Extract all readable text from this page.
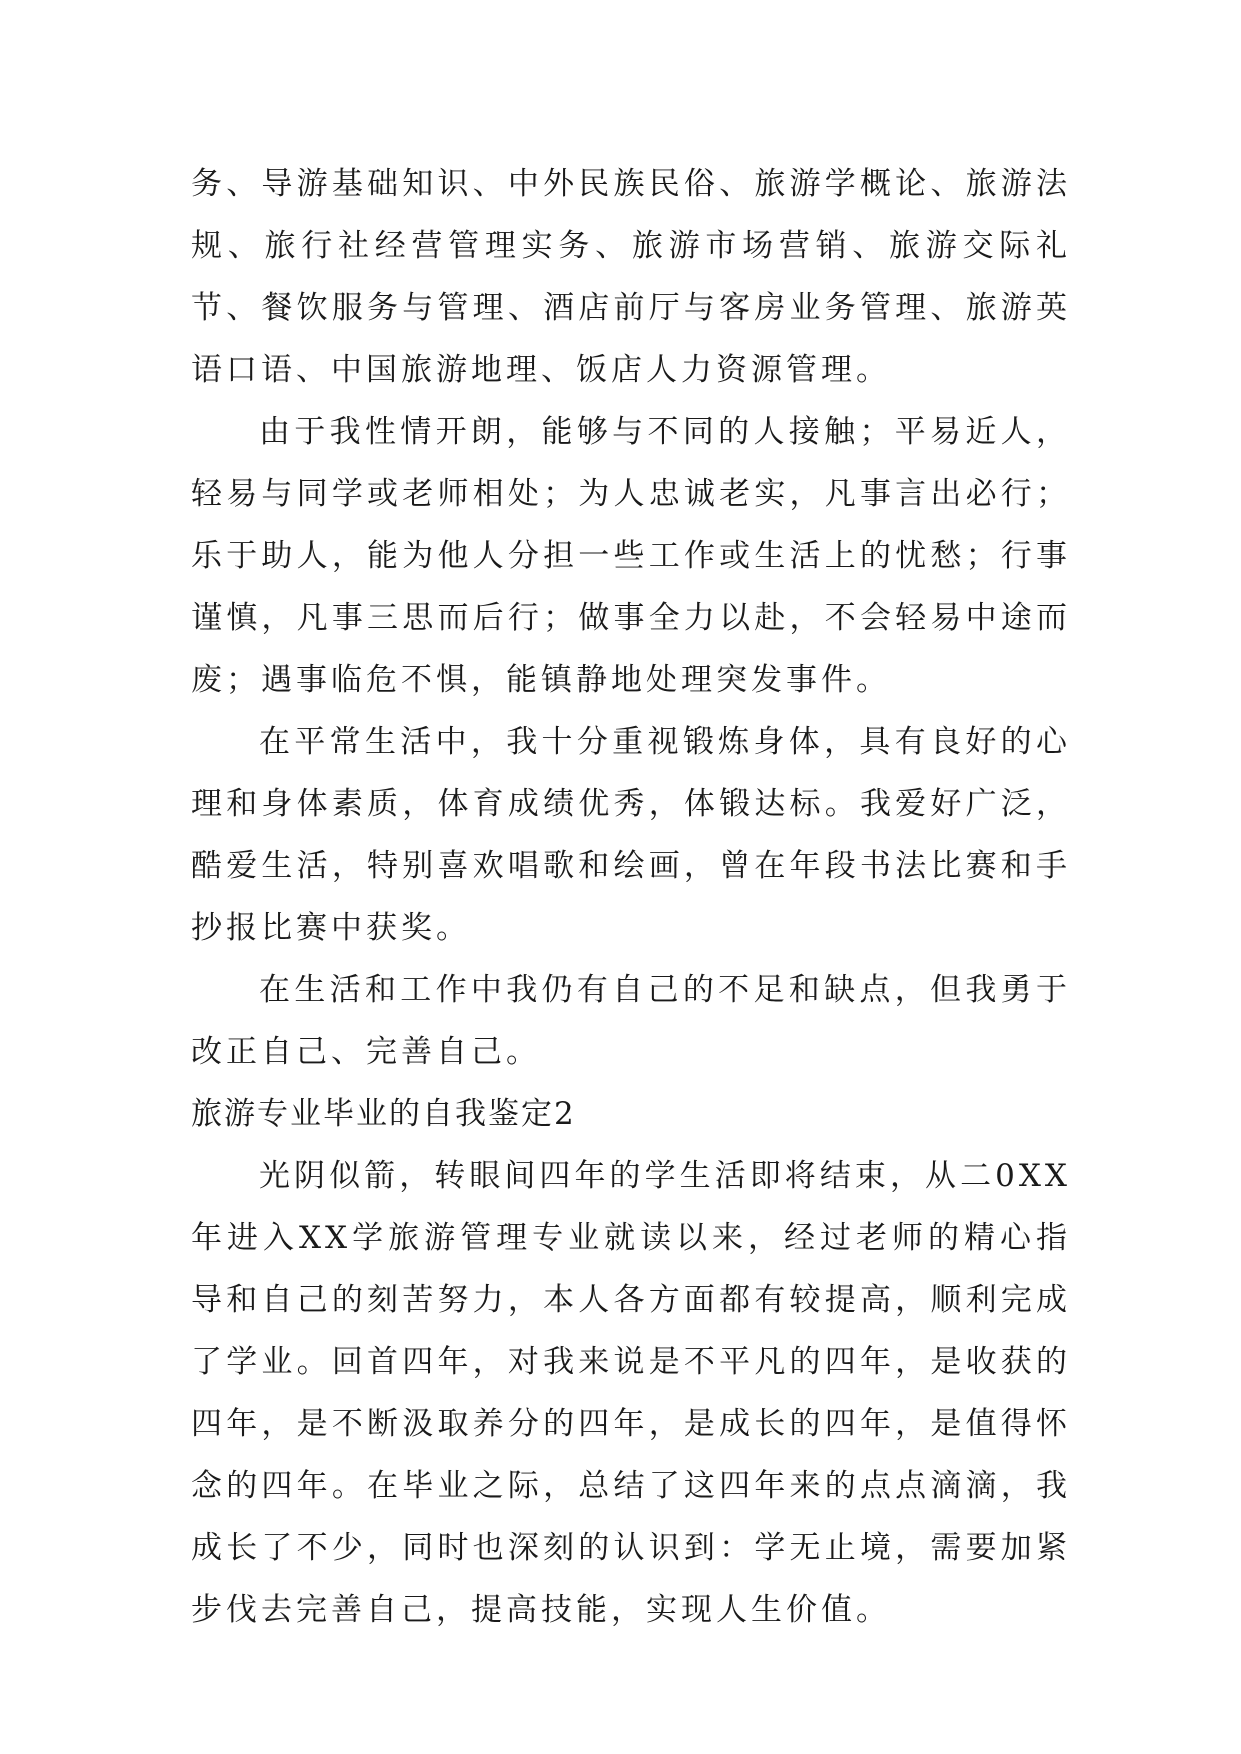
务、导游基础知识、中外民族民俗、旅游学概论、旅游法规、旅行社经营管理实务、旅游市场营销、旅游交际礼节、餐饮服务与管理、酒店前厅与客房业务管理、旅游英语口语、中国旅游地理、饭店人力资源管理。

由于我性情开朗，能够与不同的人接触；平易近人，轻易与同学或老师相处；为人忠诚老实，凡事言出必行；乐于助人，能为他人分担一些工作或生活上的忧愁；行事谨慎，凡事三思而后行；做事全力以赴，不会轻易中途而废；遇事临危不惧，能镇静地处理突发事件。

在平常生活中，我十分重视锻炼身体，具有良好的心理和身体素质，体育成绩优秀，体锻达标。我爱好广泛，酷爱生活，特别喜欢唱歌和绘画，曾在年段书法比赛和手抄报比赛中获奖。

在生活和工作中我仍有自己的不足和缺点，但我勇于改正自己、完善自己。

旅游专业毕业的自我鉴定2

光阴似箭，转眼间四年的学生活即将结束，从二0XX年进入XX学旅游管理专业就读以来，经过老师的精心指导和自己的刻苦努力，本人各方面都有较提高，顺利完成了学业。回首四年，对我来说是不平凡的四年，是收获的四年，是不断汲取养分的四年，是成长的四年，是值得怀念的四年。在毕业之际，总结了这四年来的点点滴滴，我成长了不少，同时也深刻的认识到：学无止境，需要加紧步伐去完善自己，提高技能，实现人生价值。
